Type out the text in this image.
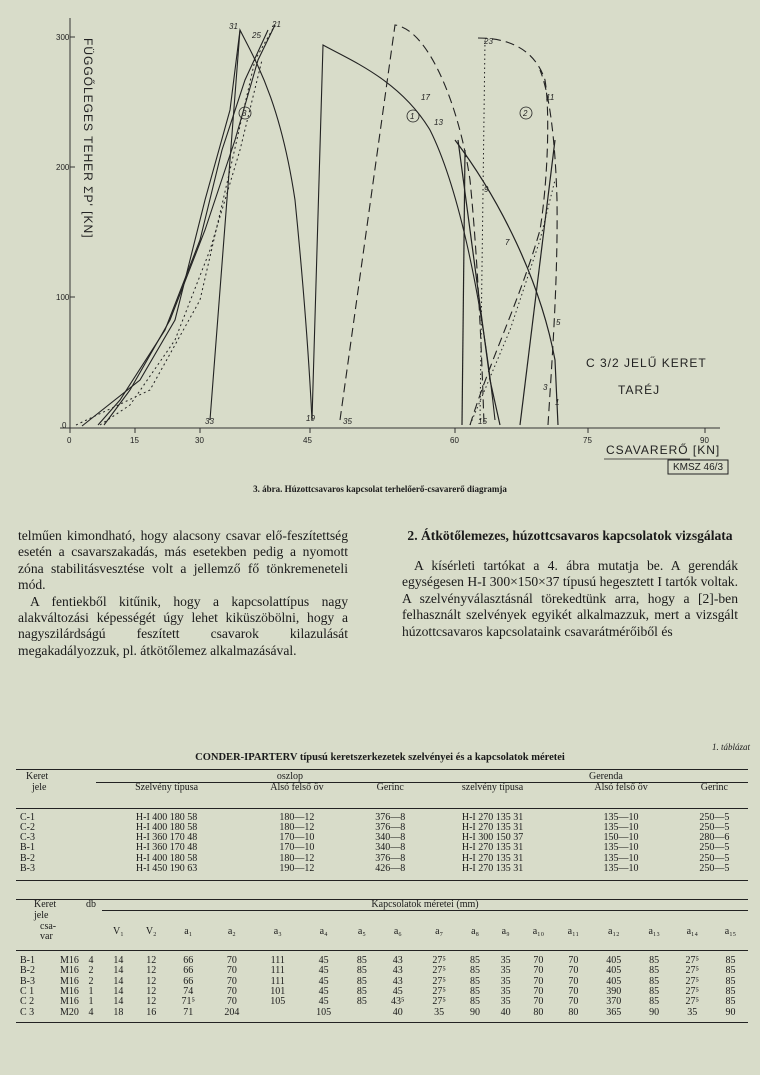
300
200
100
0
0	15	30	45	60	75	90
FÜGGŐLEGES TEHER ΣP' [KN]	3	1	2
31	21
25
23
17
13
11
9
7
5
3
1
33	19	15
35
C 3/2 JELŰ KERET
TARÉJ
CSAVARERŐ [KN]
KMSZ 46/3
3. ábra. Húzottcsavaros kapcsolat terhelőerő-csavarerő diagramja

telműen kimondható, hogy alacsony csavar elő-feszítettség esetén a csavarszakadás, más esetekben pedig a nyomott zóna stabilitásvesztése volt a jellemző fő tönkremeneteli mód.

A fentiekből kitűnik, hogy a kapcsolattípus nagy alakváltozási képességét úgy lehet kiküszöbölni, hogy a nagyszilárdságú feszített csavarok kilazulását megakadályozzuk, pl. átkötőlemez alkalmazásával.

2. Átkötőlemezes, húzottcsavaros kapcsolatok vizsgálata

A kísérleti tartókat a 4. ábra mutatja be. A gerendák egységesen H-I 300×150×37 típusú hegesztett I tartók voltak. A szelvényválasztásnál törekedtünk arra, hogy a [2]-ben felhasznált szelvények egyikét alkalmazzuk, mert a vizsgált húzottcsavaros kapcsolataink csavarátmérőiből és

1. táblázat
CONDER-IPARTERV típusú keretszerkezetek szelvényei és a kapcsolatok méretei
Keret	oszlop			Gerenda		
jele	Szelvény típusa	Alsó felső öv	Gerinc	szelvény típusa	Alsó felső öv	Gerinc

C-1	H-I 400 180 58	180—12	376—8	H-I 270 135 31	135—10	250—5
C-2	H-I 400 180 58	180—12	376—8	H-I 270 135 31	135—10	250—5
C-3	H-I 360 170 48	170—10	340—8	H-I 300 150 37	150—10	280—6
B-1	H-I 360 170 48	170—10	340—8	H-I 270 135 31	135—10	250—5
B-2	H-I 400 180 58	180—12	376—8	H-I 270 135 31	135—10	250—5
B-3	H-I 450 190 63	190—12	426—8	H-I 270 135 31	135—10	250—5

Keret	db	Kapcsolatok méretei (mm)																
jele																		
csa-
var		V₁	V₂	a₁	a₂	a₃	a₄	a₅	a₆	a₇	a₈	a₉	a₁₀	a₁₁	a₁₂	a₁₃	a₁₄	a₁₅

B-1 M16	4	14	12	66	70	111	45	85	43	27⁵	85	35	70	70	405	85	27⁵	85
B-2 M16	2	14	12	66	70	111	45	85	43	27⁵	85	35	70	70	405	85	27⁵	85
B-3 M16	2	14	12	66	70	111	45	85	43	27⁵	85	35	70	70	405	85	27⁵	85
C 1 M16	1	14	12	74	70	101	45	85	45	27⁵	85	35	70	70	390	85	27⁵	85
C 2 M16	1	14	12	71⁵	70	105	45	85	43⁵	27⁵	85	35	70	70	370	85	27⁵	85
C 3 M20	4	18	16	71	204		105		40	35	90	40	80	80	365	90	35	90
